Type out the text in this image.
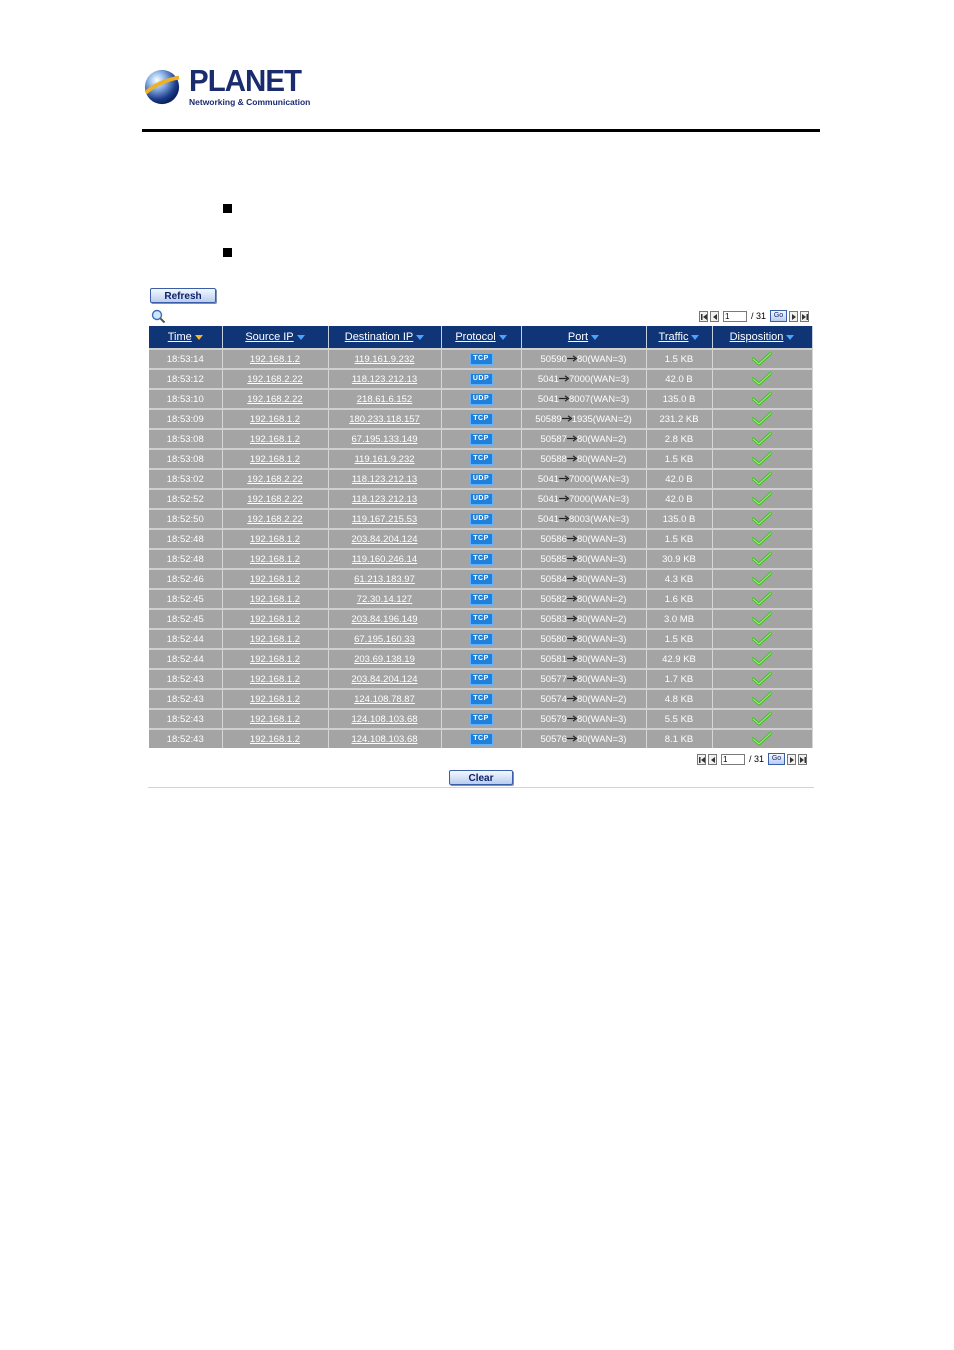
PLANET
Networking & Communication
Refresh
1	/ 31	Go
Time	Source IP	Destination IP	Protocol	Port	Traffic	Disposition
18:53:14	192.168.1.2	119.161.9.232	TCP	50590 80(WAN=3)	1.5 KB	
18:53:12	192.168.2.22	118.123.212.13	UDP	5041 7000(WAN=3)	42.0 B	
18:53:10	192.168.2.22	218.61.6.152	UDP	5041 8007(WAN=3)	135.0 B	
18:53:09	192.168.1.2	180.233.118.157	TCP	50589 1935(WAN=2)	231.2 KB	
18:53:08	192.168.1.2	67.195.133.149	TCP	50587 80(WAN=2)	2.8 KB	
18:53:08	192.168.1.2	119.161.9.232	TCP	50588 80(WAN=2)	1.5 KB	
18:53:02	192.168.2.22	118.123.212.13	UDP	5041 7000(WAN=3)	42.0 B	
18:52:52	192.168.2.22	118.123.212.13	UDP	5041 7000(WAN=3)	42.0 B	
18:52:50	192.168.2.22	119.167.215.53	UDP	5041 8003(WAN=3)	135.0 B	
18:52:48	192.168.1.2	203.84.204.124	TCP	50586 80(WAN=3)	1.5 KB	
18:52:48	192.168.1.2	119.160.246.14	TCP	50585 80(WAN=3)	30.9 KB	
18:52:46	192.168.1.2	61.213.183.97	TCP	50584 80(WAN=3)	4.3 KB	
18:52:45	192.168.1.2	72.30.14.127	TCP	50582 80(WAN=2)	1.6 KB	
18:52:45	192.168.1.2	203.84.196.149	TCP	50583 80(WAN=2)	3.0 MB	
18:52:44	192.168.1.2	67.195.160.33	TCP	50580 80(WAN=3)	1.5 KB	
18:52:44	192.168.1.2	203.69.138.19	TCP	50581 80(WAN=3)	42.9 KB	
18:52:43	192.168.1.2	203.84.204.124	TCP	50577 80(WAN=3)	1.7 KB	
18:52:43	192.168.1.2	124.108.78.87	TCP	50574 80(WAN=2)	4.8 KB	
18:52:43	192.168.1.2	124.108.103.68	TCP	50579 80(WAN=3)	5.5 KB	
18:52:43	192.168.1.2	124.108.103.68	TCP	50576 80(WAN=3)	8.1 KB	
1	/ 31	Go
Clear
